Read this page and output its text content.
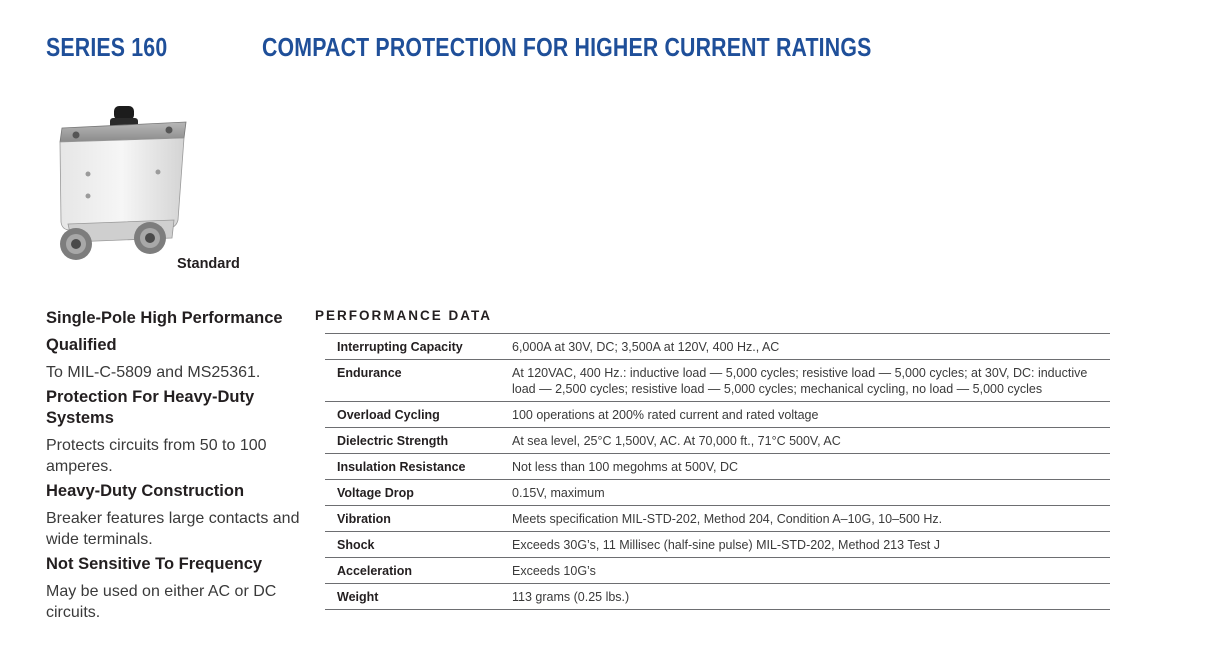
SERIES 160	COMPACT PROTECTION FOR HIGHER CURRENT RATINGS
Standard
Single-Pole High Performance
Qualified
To MIL-C-5809 and MS25361.
Protection For Heavy-Duty Systems
Protects circuits from 50 to 100 amperes.
Heavy-Duty Construction
Breaker features large contacts and wide terminals.
Not Sensitive To Frequency
May be used on either AC or DC circuits.
PERFORMANCE DATA
Interrupting Capacity	6,000A at 30V, DC; 3,500A at 120V, 400 Hz., AC
Endurance	At 120VAC, 400 Hz.: inductive load — 5,000 cycles; resistive load — 5,000 cycles; at 30V, DC: inductive load — 2,500 cycles; resistive load — 5,000 cycles; mechanical cycling, no load — 5,000 cycles
Overload Cycling	100 operations at 200% rated current and rated voltage
Dielectric Strength	At sea level, 25°C 1,500V, AC. At 70,000 ft., 71°C 500V, AC
Insulation Resistance	Not less than 100 megohms at 500V, DC
Voltage Drop	0.15V, maximum
Vibration	Meets specification MIL-STD-202, Method 204, Condition A–10G, 10–500 Hz.
Shock	Exceeds 30G’s, 11 Millisec (half-sine pulse) MIL-STD-202, Method 213 Test J
Acceleration	Exceeds 10G’s
Weight	113 grams (0.25 lbs.)
